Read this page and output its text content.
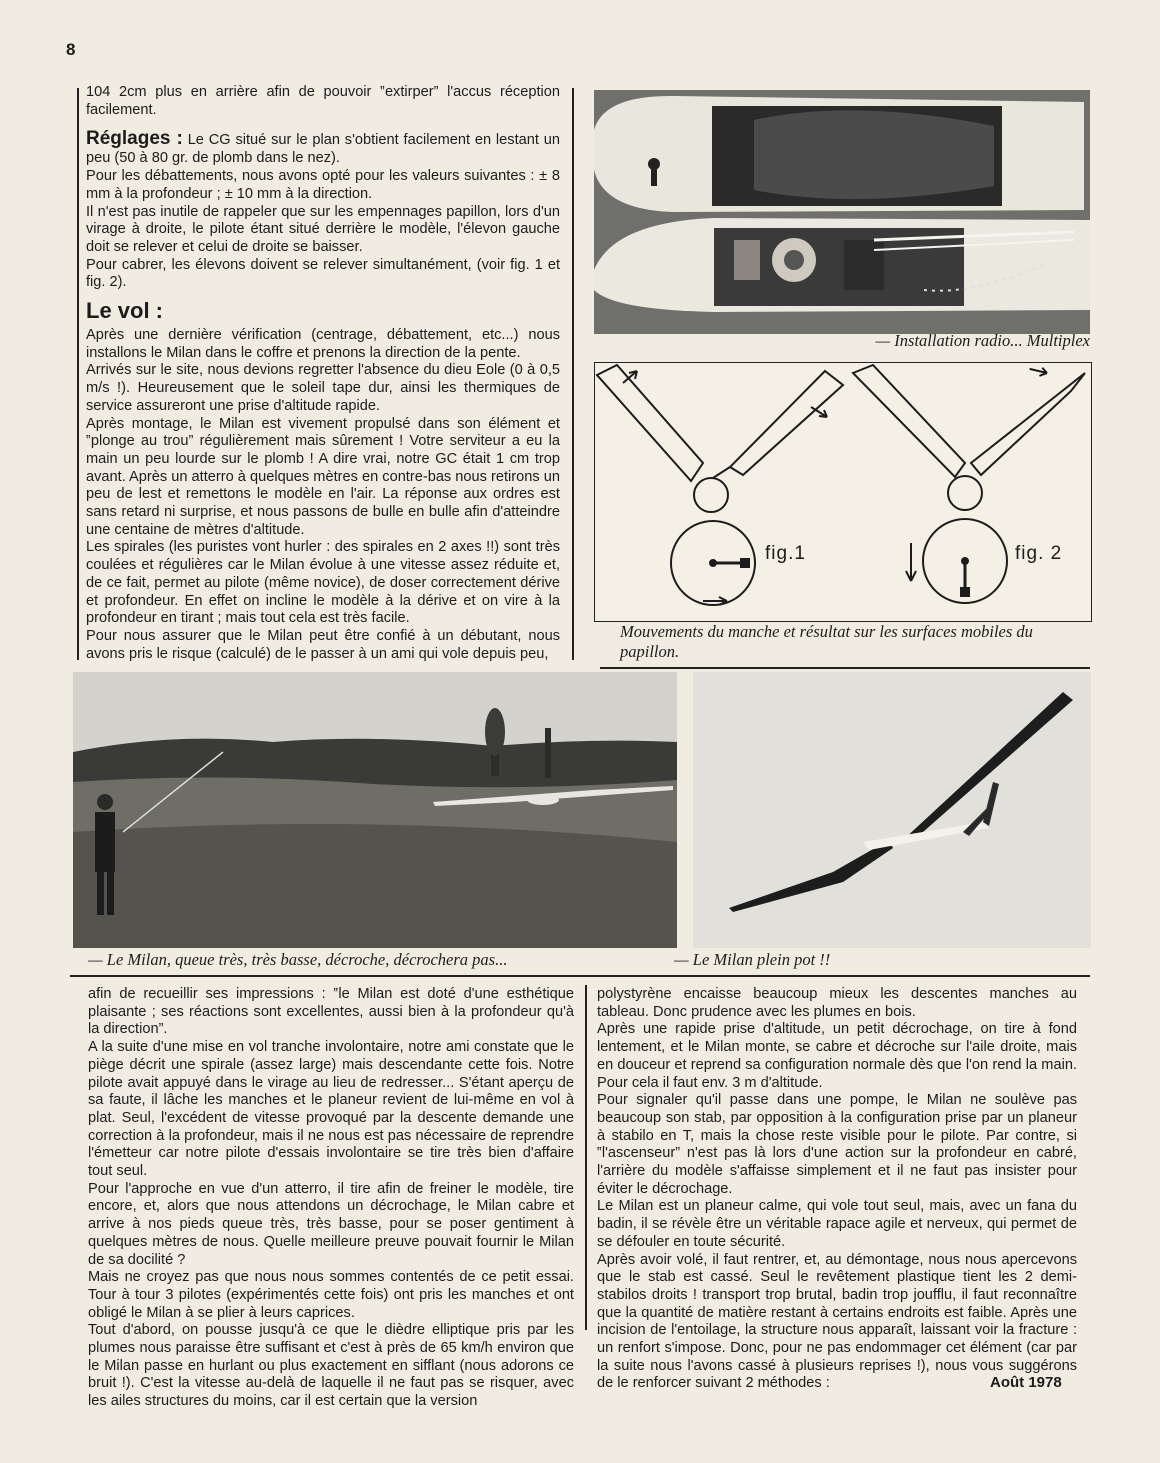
8

104 2cm plus en arrière afin de pouvoir ‟extirper” l'accus réception facilement.

Réglages : Le CG situé sur le plan s'obtient facilement en lestant un peu (50 à 80 gr. de plomb dans le nez).

Pour les débattements, nous avons opté pour les valeurs suivantes : ± 8 mm à la profondeur ; ± 10 mm à la direction.

Il n'est pas inutile de rappeler que sur les empennages papillon, lors d'un virage à droite, le pilote étant situé derrière le modèle, l'élevon gauche doit se relever et celui de droite se baisser.

Pour cabrer, les élevons doivent se relever simultanément, (voir fig. 1 et fig. 2).

Le vol :

Après une dernière vérification (centrage, débattement, etc...) nous installons le Milan dans le coffre et prenons la direction de la pente.

Arrivés sur le site, nous devions regretter l'absence du dieu Eole (0 à 0,5 m/s !). Heureusement que le soleil tape dur, ainsi les thermiques de service assureront une prise d'altitude rapide.

Après montage, le Milan est vivement propulsé dans son élément et ‟plonge au trou” régulièrement mais sûrement ! Votre serviteur a eu la main un peu lourde sur le plomb ! A dire vrai, notre GC était 1 cm trop avant. Après un atterro à quelques mètres en contre-bas nous retirons un peu de lest et remettons le modèle en l'air. La réponse aux ordres est sans retard ni surprise, et nous passons de bulle en bulle afin d'atteindre une centaine de mètres d'altitude.

Les spirales (les puristes vont hurler : des spirales en 2 axes !!) sont très coulées et régulières car le Milan évolue à une vitesse assez réduite et, de ce fait, permet au pilote (même novice), de doser correctement dérive et profondeur. En effet on incline le modèle à la dérive et on vire à la profondeur en tirant ; mais tout cela est très facile.

Pour nous assurer que le Milan peut être confié à un débutant, nous avons pris le risque (calculé) de le passer à un ami qui vole depuis peu,

— Installation radio... Multiplex
fig.1	fig. 2
Mouvements du manche et résultat sur les surfaces mobiles du papillon.
— Le Milan, queue très, très basse, décroche, décrochera pas...	— Le Milan plein pot !!

afin de recueillir ses impressions : ‟le Milan est doté d'une esthétique plaisante ; ses réactions sont excellentes, aussi bien à la profondeur qu'à la direction”.

A la suite d'une mise en vol tranche involontaire, notre ami constate que le piège décrit une spirale (assez large) mais descendante cette fois. Notre pilote avait appuyé dans le virage au lieu de redresser... S'étant aperçu de sa faute, il lâche les manches et le planeur revient de lui-même en vol à plat. Seul, l'excédent de vitesse provoqué par la descente demande une correction à la profondeur, mais il ne nous est pas nécessaire de reprendre l'émetteur car notre pilote d'essais involontaire se tire très bien d'affaire tout seul.

Pour l'approche en vue d'un atterro, il tire afin de freiner le modèle, tire encore, et, alors que nous attendons un décrochage, le Milan cabre et arrive à nos pieds queue très, très basse, pour se poser gentiment à quelques mètres de nous. Quelle meilleure preuve pouvait fournir le Milan de sa docilité ?

Mais ne croyez pas que nous nous sommes contentés de ce petit essai. Tour à tour 3 pilotes (expérimentés cette fois) ont pris les manches et ont obligé le Milan à se plier à leurs caprices.

Tout d'abord, on pousse jusqu'à ce que le dièdre elliptique pris par les plumes nous paraisse être suffisant et c'est à près de 65 km/h environ que le Milan passe en hurlant ou plus exactement en sifflant (nous adorons ce bruit !). C'est la vitesse au-delà de laquelle il ne faut pas se risquer, avec les ailes structures du moins, car il est certain que la version

polystyrène encaisse beaucoup mieux les descentes manches au tableau. Donc prudence avec les plumes en bois.

Après une rapide prise d'altitude, un petit décrochage, on tire à fond lentement, et le Milan monte, se cabre et décroche sur l'aile droite, mais en douceur et reprend sa configuration normale dès que l'on rend la main. Pour cela il faut env. 3 m d'altitude.

Pour signaler qu'il passe dans une pompe, le Milan ne soulève pas beaucoup son stab, par opposition à la configuration prise par un planeur à stabilo en T, mais la chose reste visible pour le pilote. Par contre, si ‟l'ascenseur” n'est pas là lors d'une action sur la profondeur en cabré, l'arrière du modèle s'affaisse simplement et il ne faut pas insister pour éviter le décrochage.

Le Milan est un planeur calme, qui vole tout seul, mais, avec un fana du badin, il se révèle être un véritable rapace agile et nerveux, qui permet de se défouler en toute sécurité.

Après avoir volé, il faut rentrer, et, au démontage, nous nous apercevons que le stab est cassé. Seul le revêtement plastique tient les 2 demi-stabilos droits ! transport trop brutal, badin trop joufflu, il faut reconnaître que la quantité de matière restant à certains endroits est faible. Après une incision de l'entoilage, la structure nous apparaît, laissant voir la fracture : un renfort s'impose. Donc, pour ne pas endommager cet élément (car par la suite nous l'avons cassé à plusieurs reprises !), nous vous suggérons de le renforcer suivant 2 méthodes :	Août 1978
